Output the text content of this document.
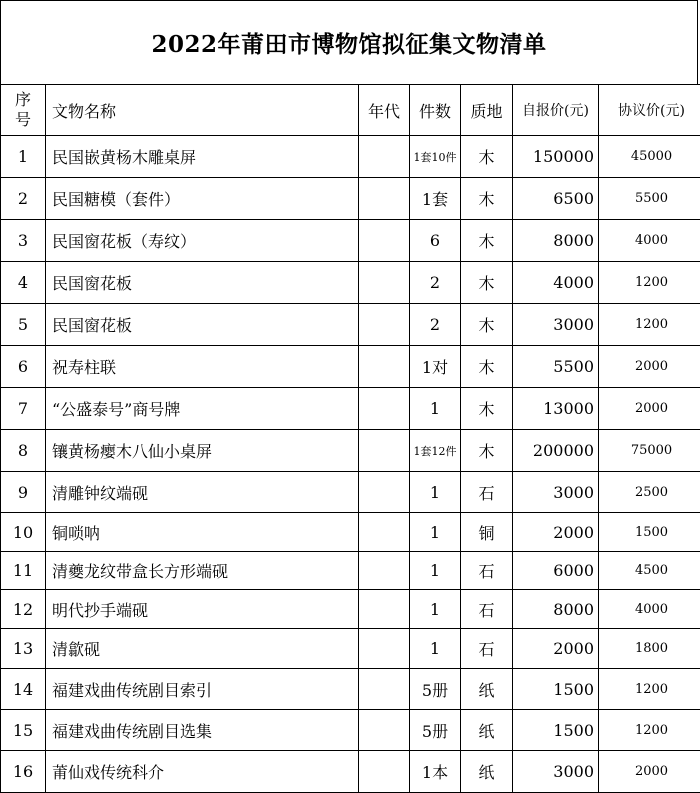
2022年莆田市博物馆拟征集文物清单
序
号	文物名称	年代	件数	质地	自报价(元)	协议价(元)
1	民国嵌黄杨木雕桌屏		1套10件	木	150000	45000
2	民国糖模（套件）		1套	木	6500	5500
3	民国窗花板（寿纹）		6	木	8000	4000
4	民国窗花板		2	木	4000	1200
5	民国窗花板		2	木	3000	1200
6	祝寿柱联		1对	木	5500	2000
7	“公盛泰号”商号牌		1	木	13000	2000
8	镶黄杨瘿木八仙小桌屏		1套12件	木	200000	75000
9	清雕钟纹端砚		1	石	3000	2500
10	铜唢呐		1	铜	2000	1500
11	清夔龙纹带盒长方形端砚		1	石	6000	4500
12	明代抄手端砚		1	石	8000	4000
13	清歙砚		1	石	2000	1800
14	福建戏曲传统剧目索引		5册	纸	1500	1200
15	福建戏曲传统剧目选集		5册	纸	1500	1200
16	莆仙戏传统科介		1本	纸	3000	2000
